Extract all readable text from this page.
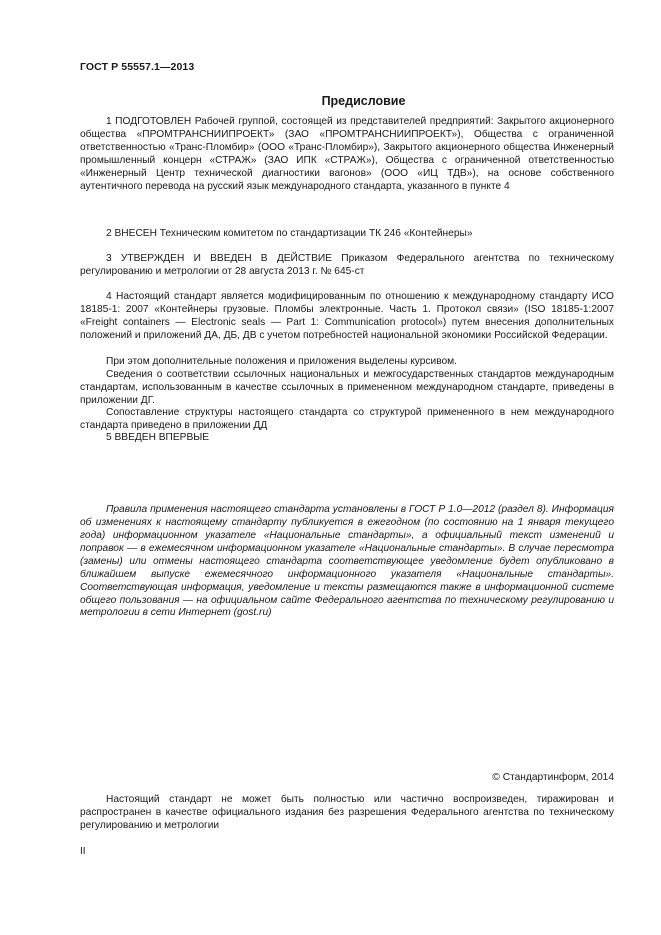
ГОСТ Р 55557.1—2013
Предисловие

1 ПОДГОТОВЛЕН Рабочей группой, состоящей из представителей предприятий: Закрытого акционерного общества «ПРОМТРАНСНИИПРОЕКТ» (ЗАО «ПРОМТРАНСНИИПРОЕКТ»), Общества с ограниченной ответственностью «Транс-Пломбир» (ООО «Транс-Пломбир»), Закрытого акционерного общества Инженерный промышленный концерн «СТРАЖ» (ЗАО ИПК «СТРАЖ»), Общества с ограниченной ответственностью «Инженерный Центр технической диагностики вагонов» (ООО «ИЦ ТДВ»), на основе собственного аутентичного перевода на русский язык международного стандарта, указанного в пункте 4

2 ВНЕСЕН Техническим комитетом по стандартизации ТК 246 «Контейнеры»

3 УТВЕРЖДЕН И ВВЕДЕН В ДЕЙСТВИЕ Приказом Федерального агентства по техническому регулированию и метрологии от 28 августа 2013 г. № 645-ст

4 Настоящий стандарт является модифицированным по отношению к международному стандарту ИСО 18185-1: 2007 «Контейнеры грузовые. Пломбы электронные. Часть 1. Протокол связи» (ISO 18185-1:2007 «Freight containers — Electronic seals — Part 1: Communication protocol») путем внесения дополнительных положений и приложений ДА, ДБ, ДВ с учетом потребностей национальной экономики Российской Федерации.

При этом дополнительные положения и приложения выделены курсивом.

Сведения о соответствии ссылочных национальных и межгосударственных стандартов международным стандартам, использованным в качестве ссылочных в примененном международном стандарте, приведены в приложении ДГ.

Сопоставление структуры настоящего стандарта со структурой примененного в нем международного стандарта приведено в приложении ДД

5 ВВЕДЕН ВПЕРВЫЕ

Правила применения настоящего стандарта установлены в ГОСТ Р 1.0—2012 (раздел 8). Информация об изменениях к настоящему стандарту публикуется в ежегодном (по состоянию на 1 января текущего года) информационном указателе «Национальные стандарты», а официальный текст изменений и поправок — в ежемесячном информационном указателе «Национальные стандарты». В случае пересмотра (замены) или отмены настоящего стандарта соответствующее уведомление будет опубликовано в ближайшем выпуске ежемесячного информационного указателя «Национальные стандарты». Соответствующая информация, уведомление и тексты размещаются также в информационной системе общего пользования — на официальном сайте Федерального агентства по техническому регулированию и метрологии в сети Интернет (gost.ru)

© Стандартинформ, 2014

Настоящий стандарт не может быть полностью или частично воспроизведен, тиражирован и распространен в качестве официального издания без разрешения Федерального агентства по техническому регулированию и метрологии

II
